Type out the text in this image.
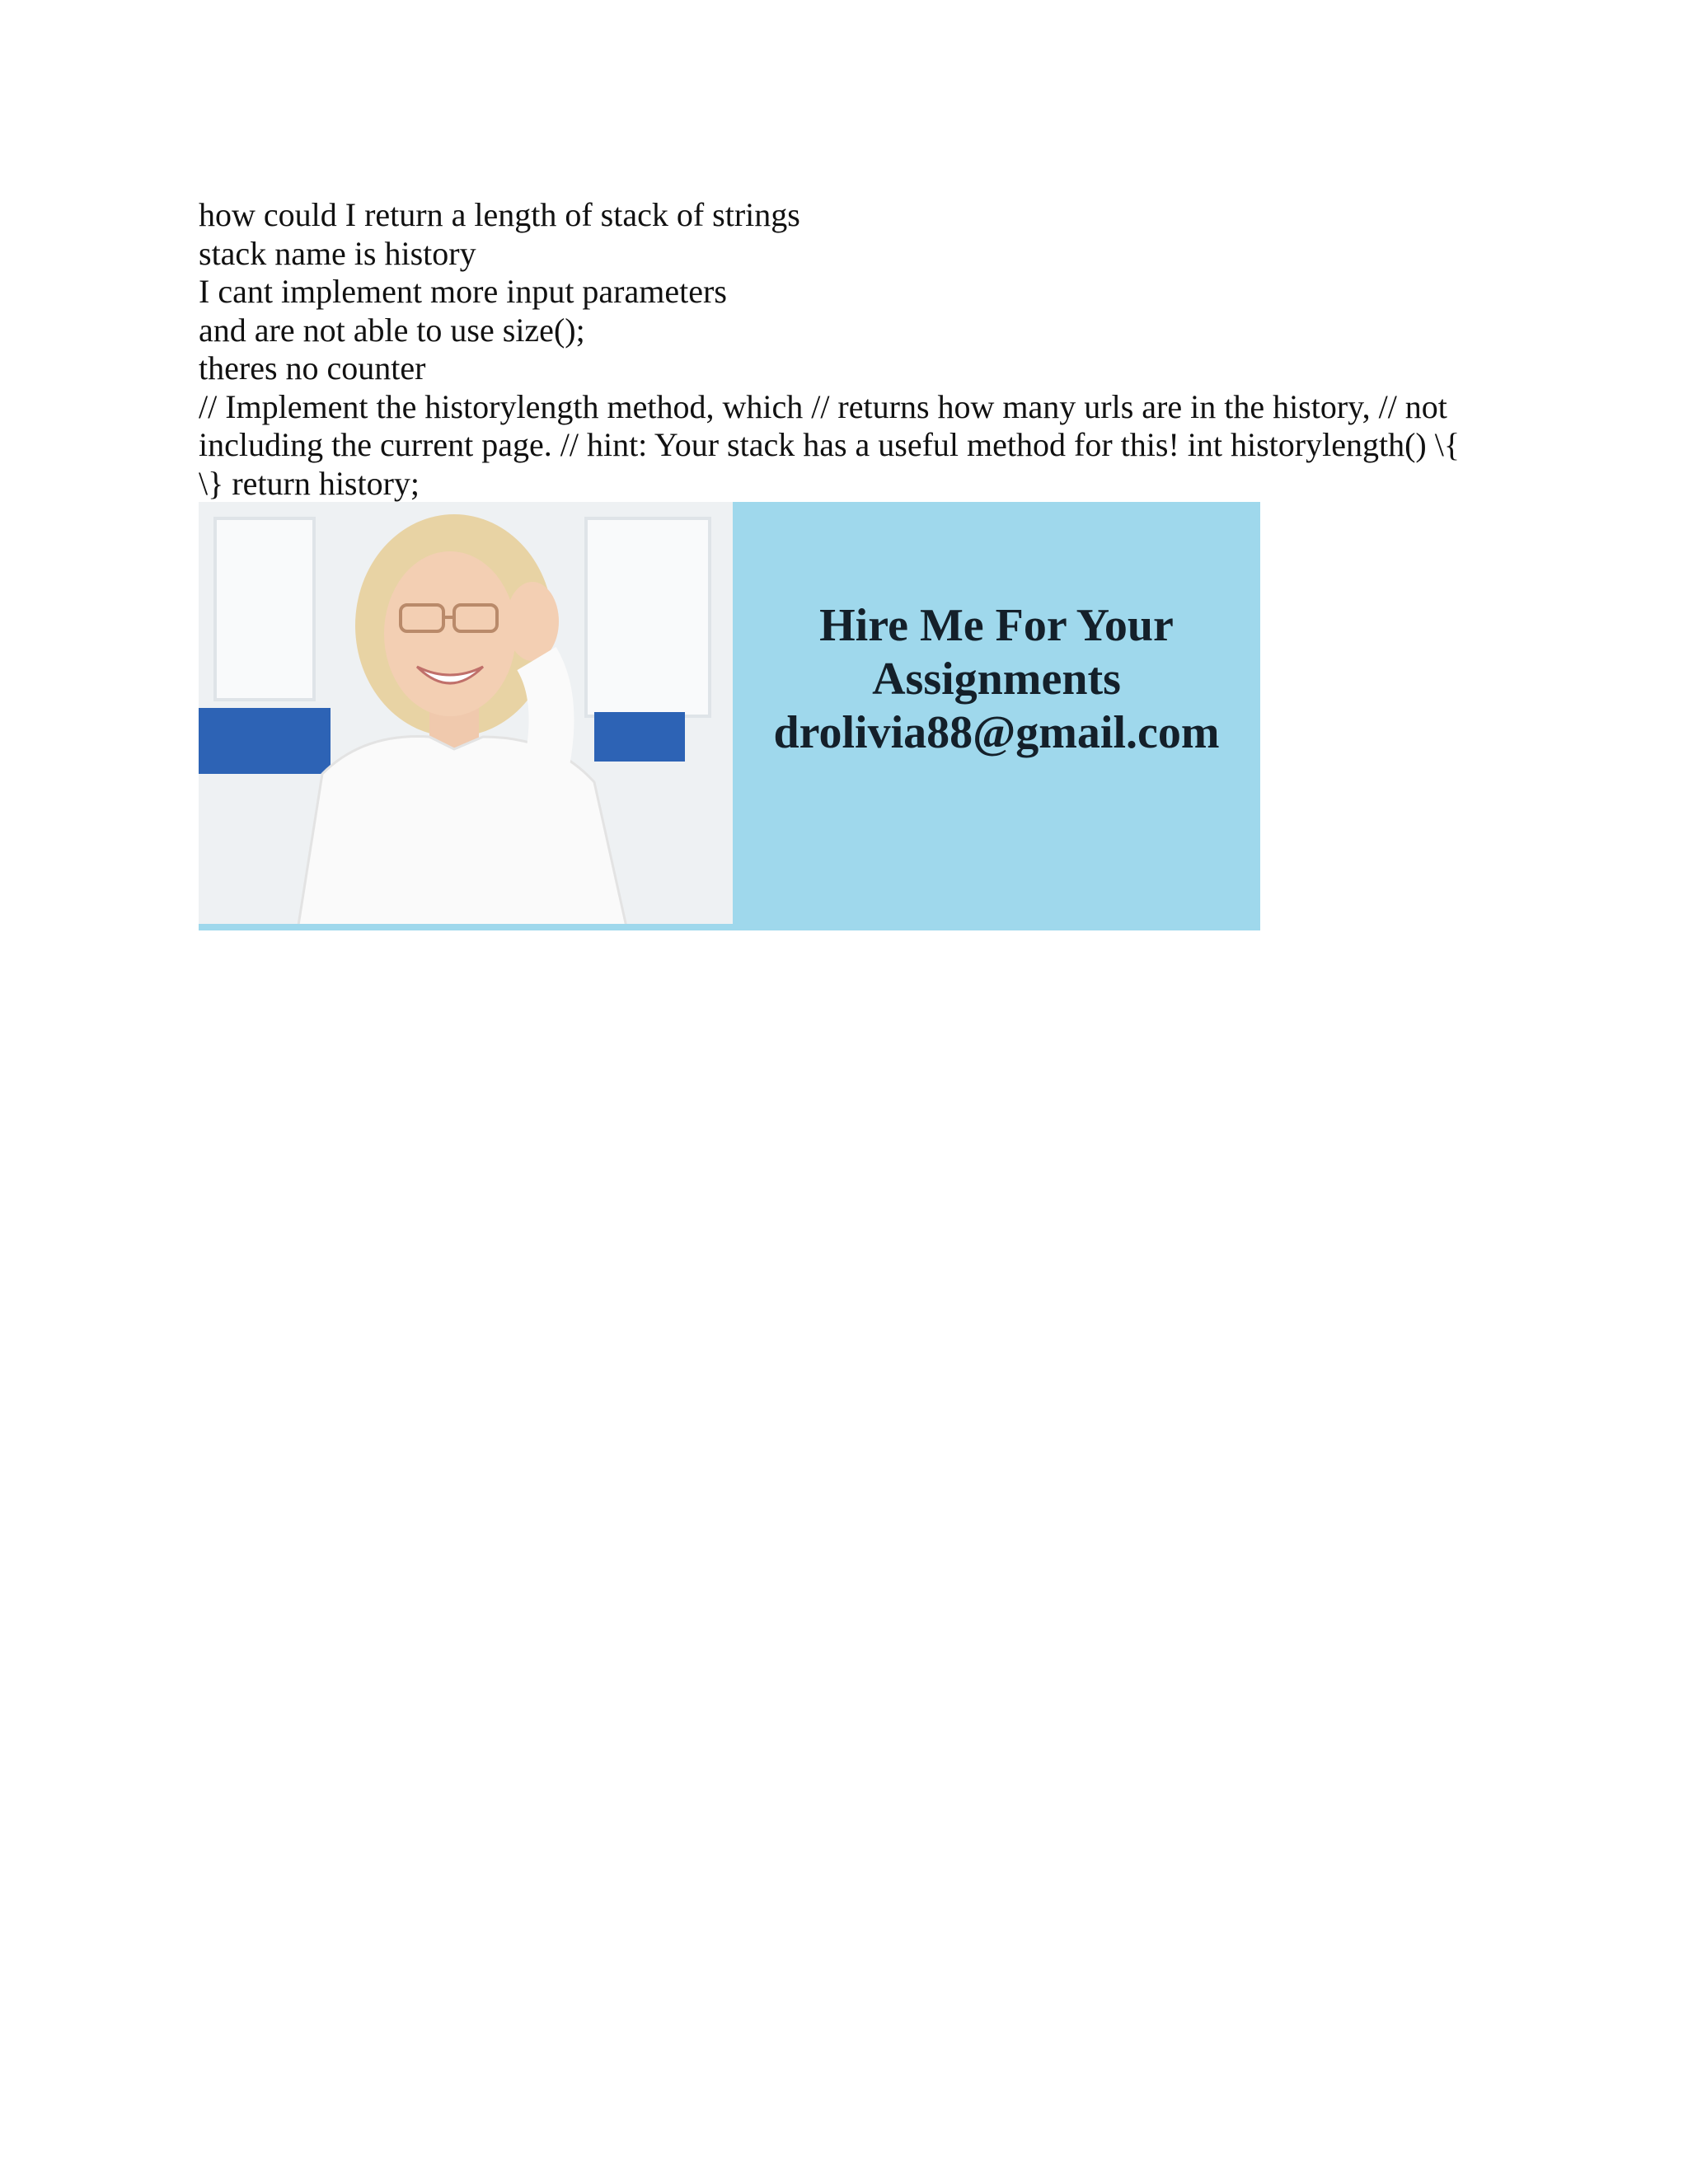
how could I return a length of stack of strings

stack name is history

I cant implement more input parameters

and are not able to use size();

theres no counter

// Implement the historylength method, which // returns how many urls are in the history, // not including the current page. // hint: Your stack has a useful method for this! int historylength() \{ \} return history;

Hire Me For Your
Assignments
drolivia88@gmail.com
